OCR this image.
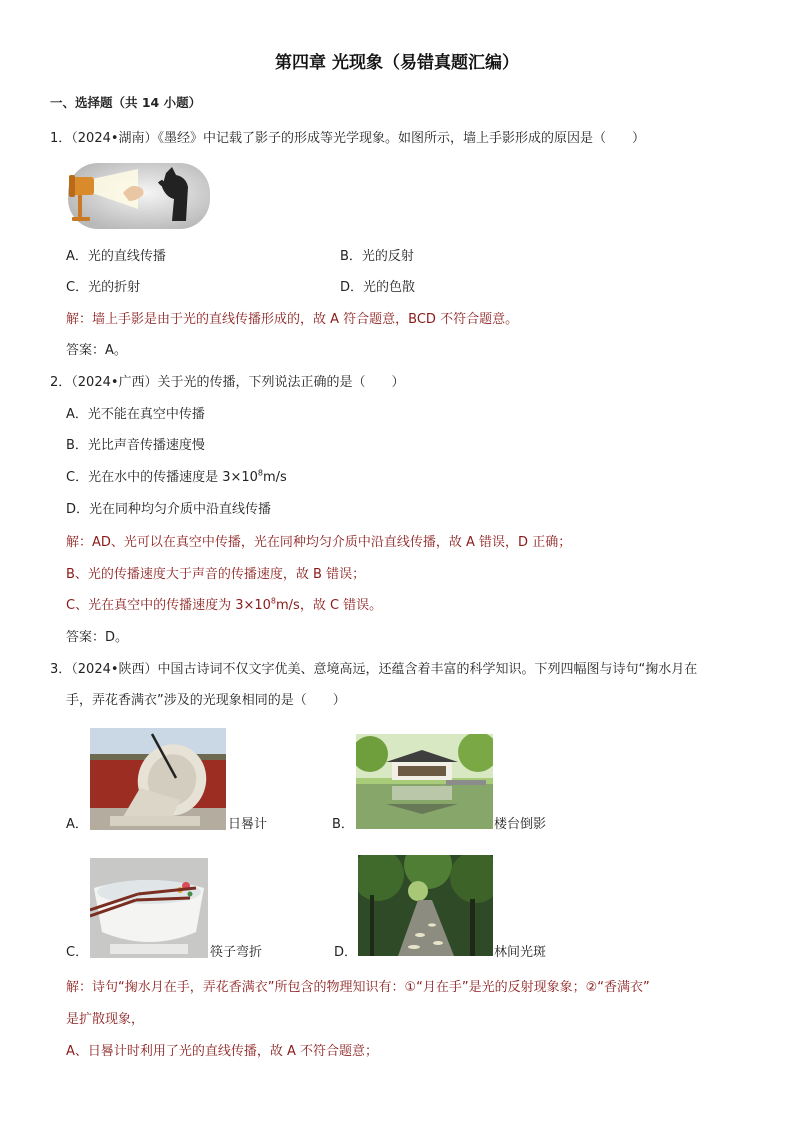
第四章 光现象（易错真题汇编）
一、选择题（共 14 小题）
1．（2024•湖南）《墨经》中记载了影子的形成等光学现象。如图所示，墙上手影形成的原因是（　　）
A．光的直线传播	B．光的反射
C．光的折射	D．光的色散
解：墙上手影是由于光的直线传播形成的，故 A 符合题意，BCD 不符合题意。
答案：A。
2．（2024•广西）关于光的传播，下列说法正确的是（　　）
A．光不能在真空中传播
B．光比声音传播速度慢
C．光在水中的传播速度是 $3\times 10^8m/s$
D．光在同种均匀介质中沿直线传播
解：AD、光可以在真空中传播，光在同种均匀介质中沿直线传播，故 A 错误，D 正确；
B、光的传播速度大于声音的传播速度，故 B 错误；
C、光在真空中的传播速度为 $3\times 10^8m/s$，故 C 错误。
答案：D。
3．（2024•陕西）中国古诗词不仅文字优美、意境高远，还蕴含着丰富的科学知识。下列四幅图与诗句“掬水月在
手，弄花香满衣”涉及的光现象相同的是（　　）
A．	日晷计	B．	楼台倒影
C．	筷子弯折	D．	林间光斑
解：诗句“掬水月在手，弄花香满衣”所包含的物理知识有：①“月在手”是光的反射现象象；②“香满衣”
是扩散现象，
A、日晷计时利用了光的直线传播，故 A 不符合题意；
